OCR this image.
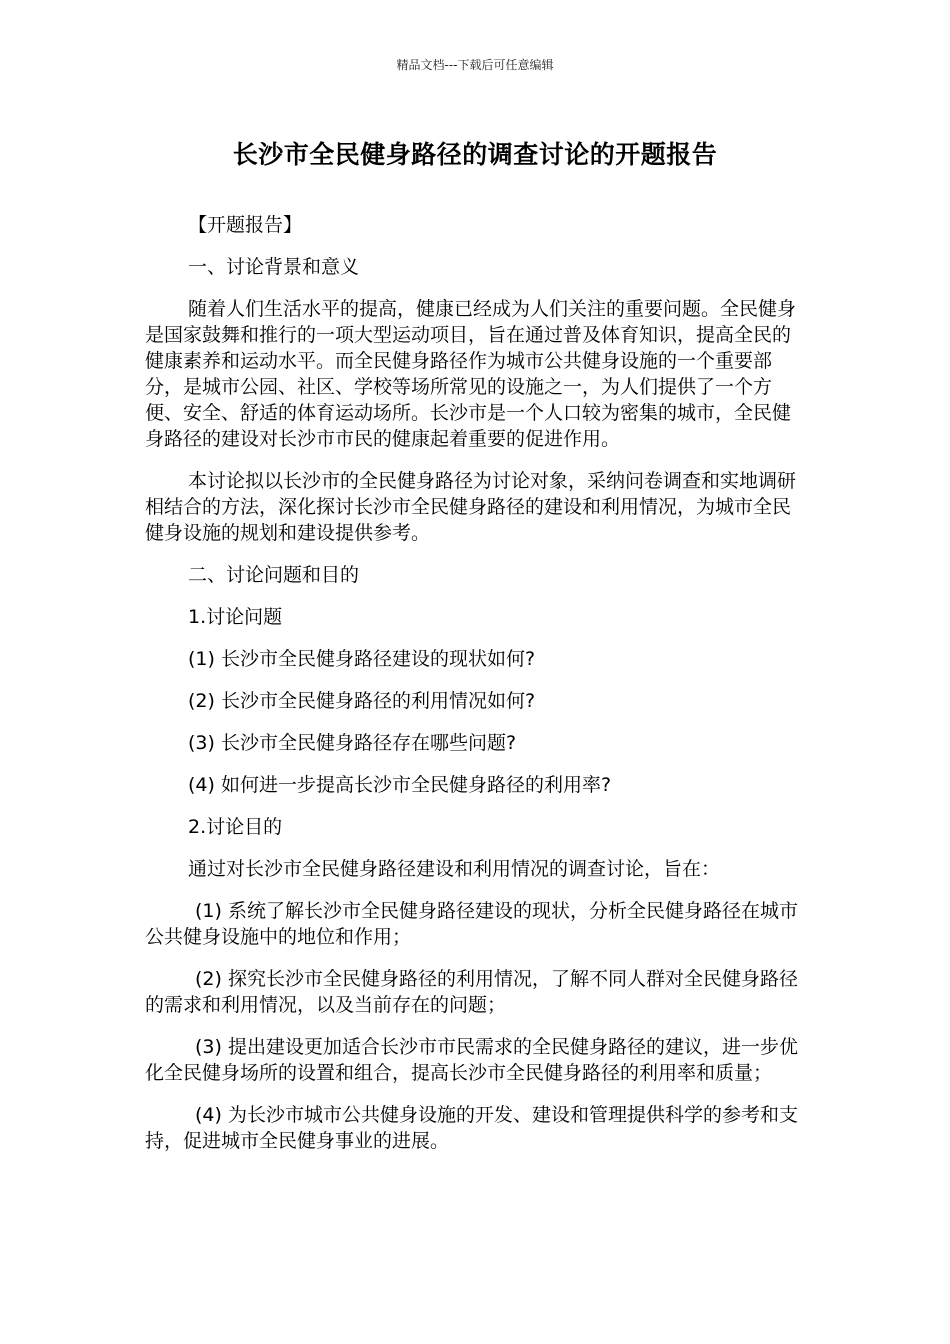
精品文档---下载后可任意编辑
长沙市全民健身路径的调查讨论的开题报告

【开题报告】

一、讨论背景和意义

随着人们生活水平的提高，健康已经成为人们关注的重要问题。全民健身是国家鼓舞和推行的一项大型运动项目，旨在通过普及体育知识，提高全民的健康素养和运动水平。而全民健身路径作为城市公共健身设施的一个重要部分，是城市公园、社区、学校等场所常见的设施之一，为人们提供了一个方便、安全、舒适的体育运动场所。长沙市是一个人口较为密集的城市，全民健身路径的建设对长沙市市民的健康起着重要的促进作用。

本讨论拟以长沙市的全民健身路径为讨论对象，采纳问卷调查和实地调研相结合的方法，深化探讨长沙市全民健身路径的建设和利用情况，为城市全民健身设施的规划和建设提供参考。

二、讨论问题和目的

1.讨论问题

(1) 长沙市全民健身路径建设的现状如何?

(2) 长沙市全民健身路径的利用情况如何?

(3) 长沙市全民健身路径存在哪些问题?

(4) 如何进一步提高长沙市全民健身路径的利用率?

2.讨论目的

通过对长沙市全民健身路径建设和利用情况的调查讨论，旨在：

(1) 系统了解长沙市全民健身路径建设的现状，分析全民健身路径在城市公共健身设施中的地位和作用；

(2) 探究长沙市全民健身路径的利用情况，了解不同人群对全民健身路径的需求和利用情况，以及当前存在的问题；

(3) 提出建设更加适合长沙市市民需求的全民健身路径的建议，进一步优化全民健身场所的设置和组合，提高长沙市全民健身路径的利用率和质量；

(4) 为长沙市城市公共健身设施的开发、建设和管理提供科学的参考和支持，促进城市全民健身事业的进展。
